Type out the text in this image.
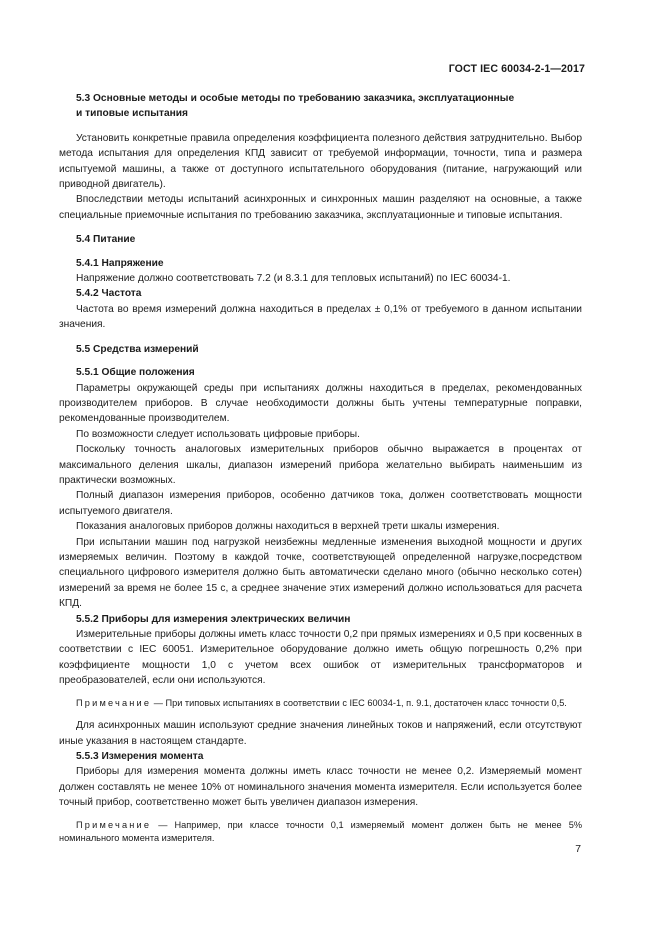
ГОСТ IEC 60034-2-1—2017
5.3 Основные методы и особые методы по требованию заказчика, эксплуатационные
и типовые испытания

Установить конкретные правила определения коэффициента полезного действия затруднительно. Выбор метода испытания для определения КПД зависит от требуемой информации, точности, типа и размера испытуемой машины, а также от доступного испытательного оборудования (питание, нагружающий или приводной двигатель).

Впоследствии методы испытаний асинхронных и синхронных машин разделяют на основные, а также специальные приемочные испытания по требованию заказчика, эксплуатационные и типовые испытания.

5.4 Питание
5.4.1 Напряжение

Напряжение должно соответствовать 7.2 (и 8.3.1 для тепловых испытаний) по IEC 60034-1.

5.4.2 Частота

Частота во время измерений должна находиться в пределах ± 0,1% от требуемого в данном испытании значения.

5.5 Средства измерений
5.5.1 Общие положения

Параметры окружающей среды при испытаниях должны находиться в пределах, рекомендованных производителем приборов. В случае необходимости должны быть учтены температурные поправки, рекомендованные производителем.

По возможности следует использовать цифровые приборы.

Поскольку точность аналоговых измерительных приборов обычно выражается в процентах от максимального деления шкалы, диапазон измерений прибора желательно выбирать наименьшим из практически возможных.

Полный диапазон измерения приборов, особенно датчиков тока, должен соответствовать мощности испытуемого двигателя.

Показания аналоговых приборов должны находиться в верхней трети шкалы измерения.

При испытании машин под нагрузкой неизбежны медленные изменения выходной мощности и других измеряемых величин. Поэтому в каждой точке, соответствующей определенной нагрузке,посредством специального цифрового измерителя должно быть автоматически сделано много (обычно несколько сотен) измерений за время не более 15 с, а среднее значение этих измерений должно использоваться для расчета КПД.

5.5.2 Приборы для измерения электрических величин

Измерительные приборы должны иметь класс точности 0,2 при прямых измерениях и 0,5 при косвенных в соответствии с IEC 60051. Измерительное оборудование должно иметь общую погрешность 0,2% при коэффициенте мощности 1,0 с учетом всех ошибок от измерительных трансформаторов и преобразователей, если они используются.

Примечание — При типовых испытаниях в соответствии с IEC 60034-1, п. 9.1, достаточен класс точности 0,5.

Для асинхронных машин используют средние значения линейных токов и напряжений, если отсутствуют иные указания в настоящем стандарте.

5.5.3 Измерения момента

Приборы для измерения момента должны иметь класс точности не менее 0,2. Измеряемый момент должен составлять не менее 10% от номинального значения момента измерителя. Если используется более точный прибор, соответственно может быть увеличен диапазон измерения.

Примечание — Например, при классе точности 0,1 измеряемый момент должен быть не менее 5% номинального момента измерителя.

7
